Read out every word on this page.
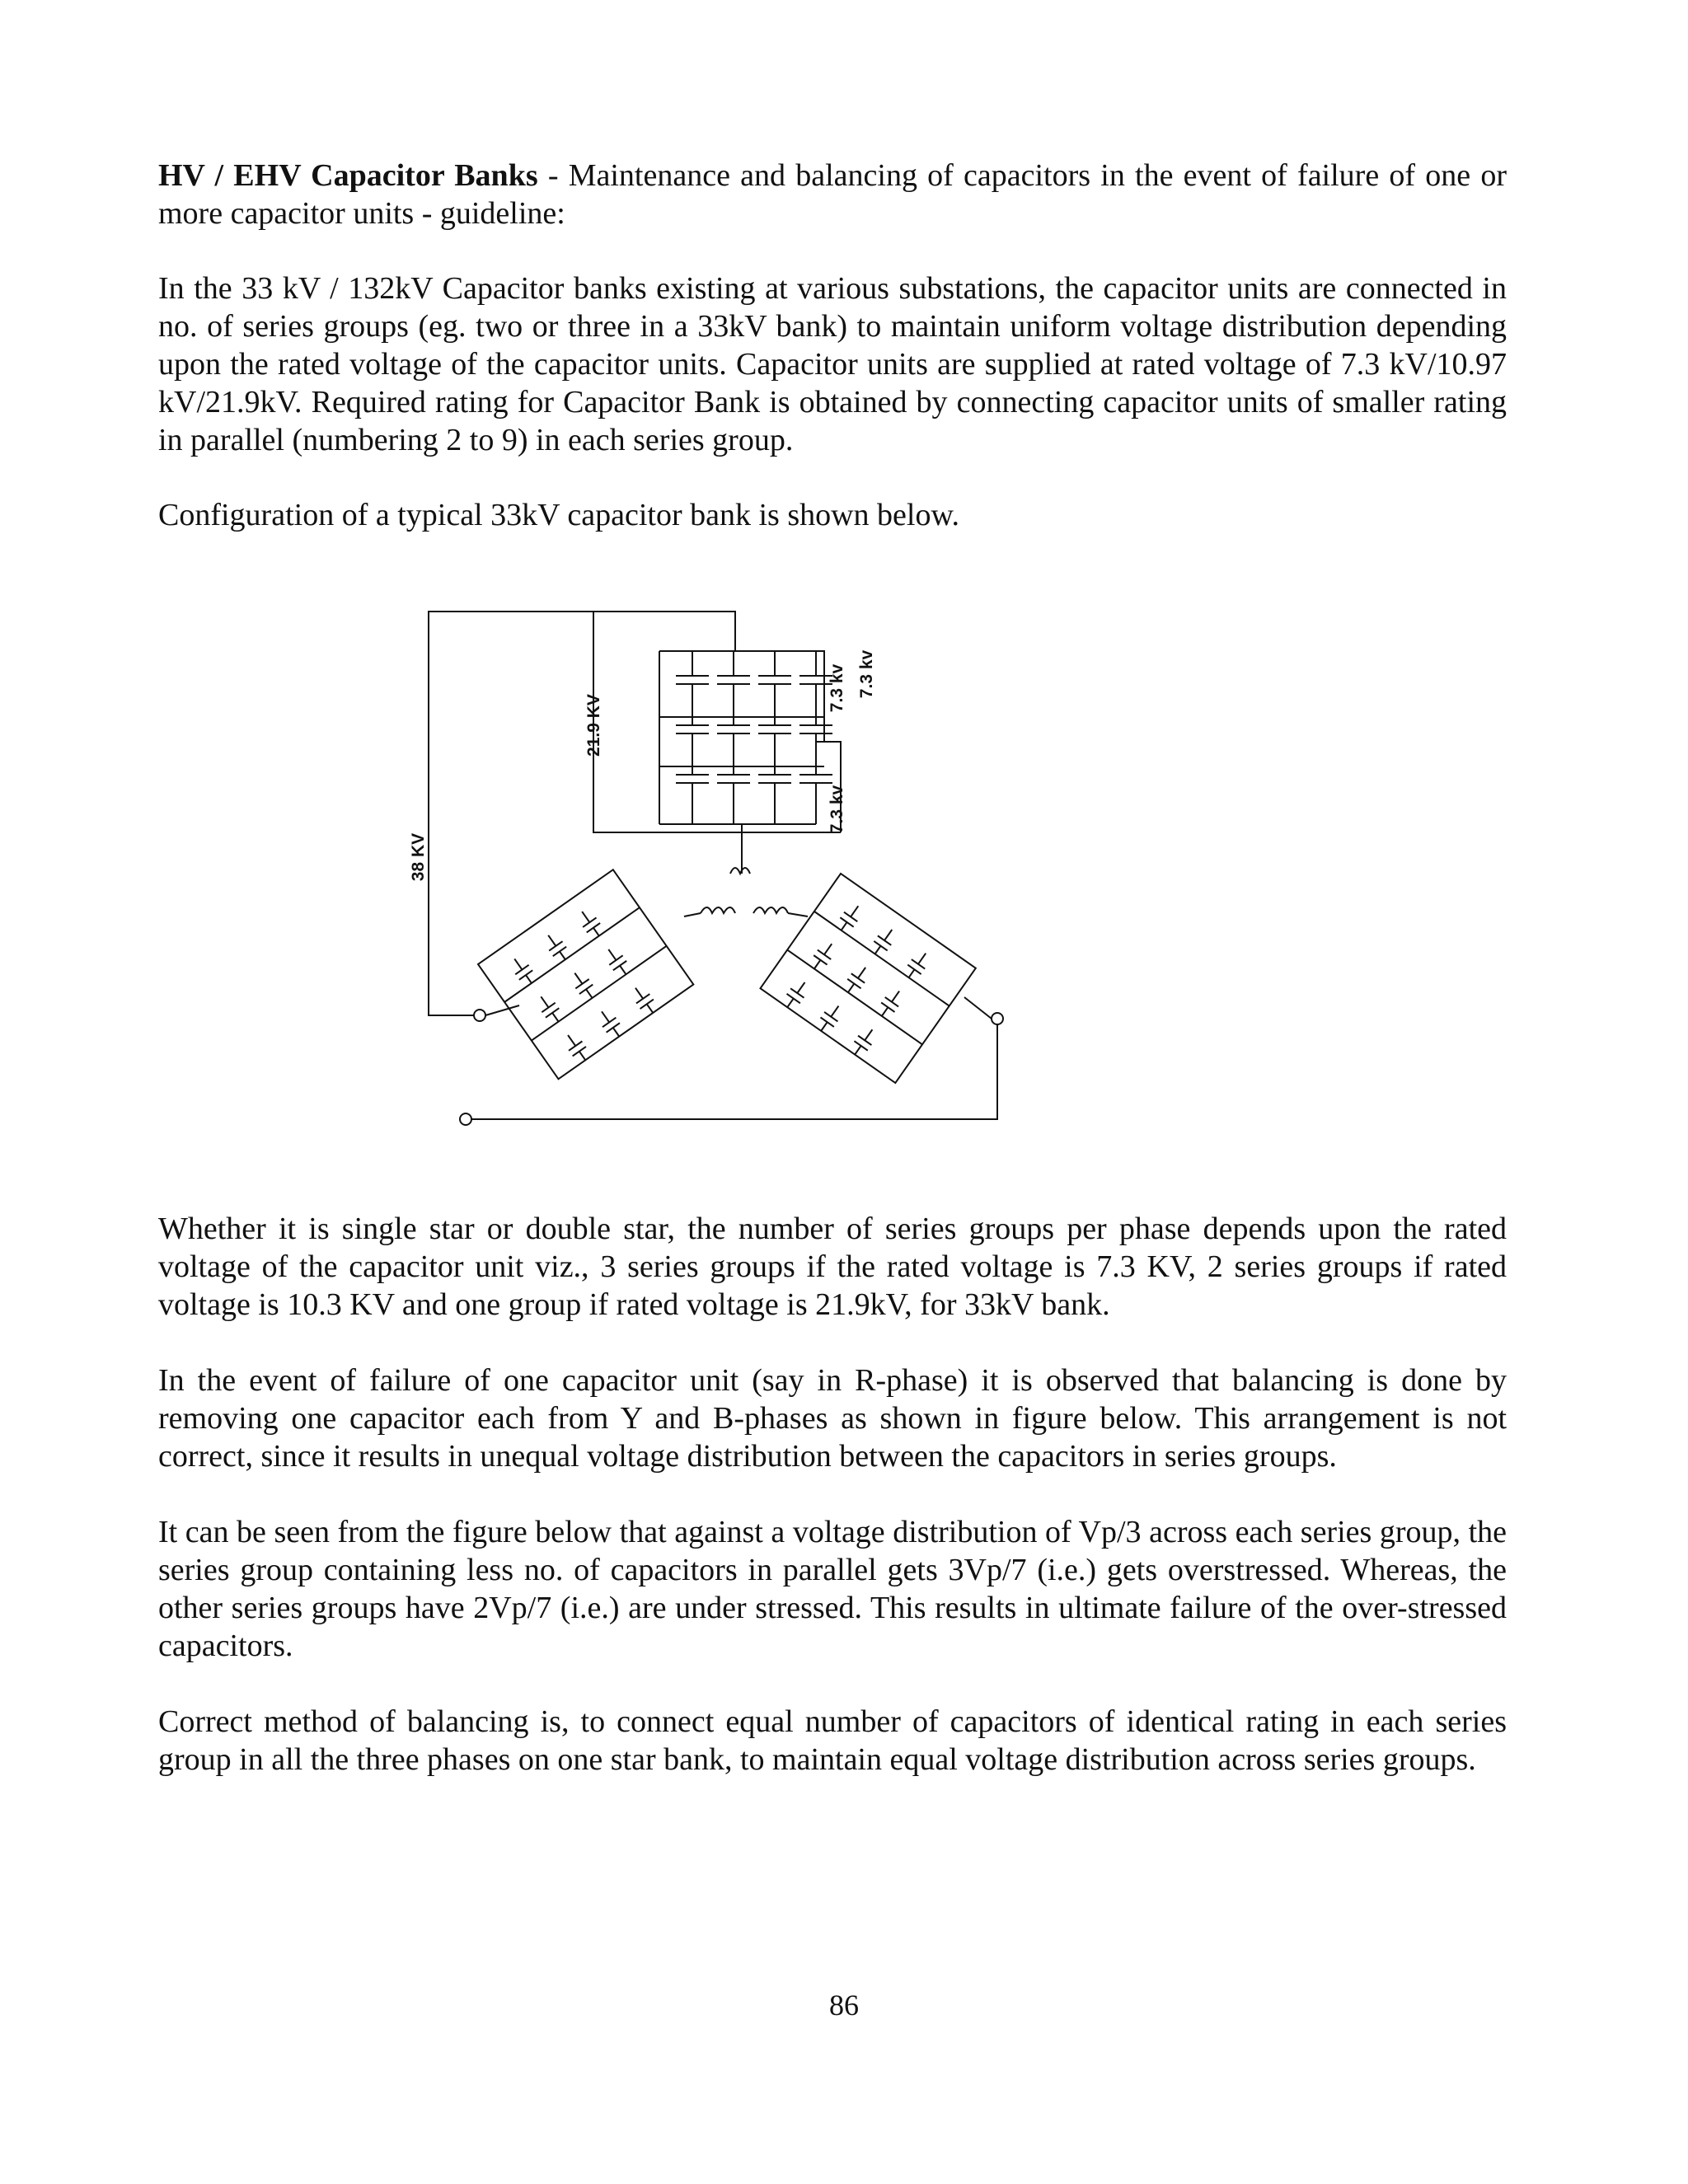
HV / EHV Capacitor Banks - Maintenance and balancing of capacitors in the event of failure of one or more capacitor units - guideline:

In the 33 kV / 132kV Capacitor banks existing at various substations, the capacitor units are connected in no. of series groups (eg. two or three in a 33kV bank) to maintain uniform voltage distribution depending upon the rated voltage of the capacitor units. Capacitor units are supplied at rated voltage of 7.3 kV/10.97 kV/21.9kV. Required rating for Capacitor Bank is obtained by connecting capacitor units of smaller rating in parallel (numbering 2 to 9) in each series group.

Configuration of a typical 33kV capacitor bank is shown below.

38 KV
21.9 KV
7.3 kv 7.3 kv
7.3 kv

Whether it is single star or double star, the number of series groups per phase depends upon the rated voltage of the capacitor unit viz., 3 series groups if the rated voltage is 7.3 KV, 2 series groups if rated voltage is 10.3 KV and one group if rated voltage is 21.9kV, for 33kV bank.

In the event of failure of one capacitor unit (say in R-phase) it is observed that balancing is done by removing one capacitor each from Y and B-phases as shown in figure below. This arrangement is not correct, since it results in unequal voltage distribution between the capacitors in series groups.

It can be seen from the figure below that against a voltage distribution of Vp/3 across each series group, the series group containing less no. of capacitors in parallel gets 3Vp/7 (i.e.) gets overstressed. Whereas, the other series groups have 2Vp/7 (i.e.) are under stressed. This results in ultimate failure of the over-stressed capacitors.

Correct method of balancing is, to connect equal number of capacitors of identical rating in each series group in all the three phases on one star bank, to maintain equal voltage distribution across series groups.

86
